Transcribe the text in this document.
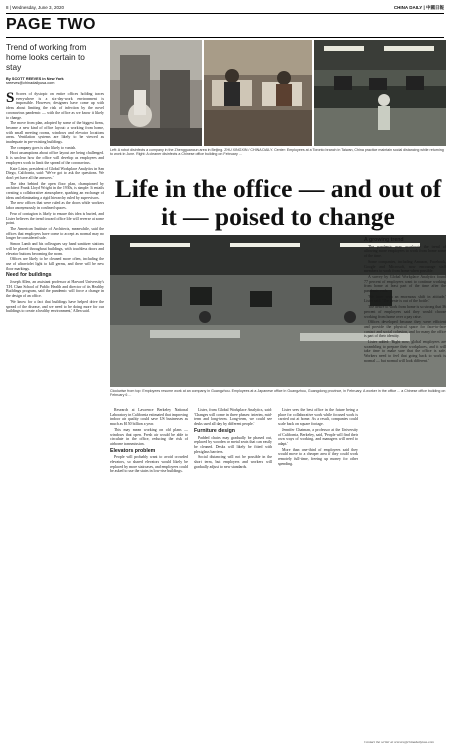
8 | Wednesday, June 3, 2020	CHINA DAILY | 中國日報
PAGE TWO
Trend of working from home looks certain to stay
By SCOTT REEVES in New York
sreeves@chinadailyusa.com
Left: A robot disinfects a company in the Zhengguancun area in Beijing. ZHU XINGXIN / CHINA DAILY. Center: Employees at a Toronto branch in Taiwan, China practice maintain social distancing while returning to work in June. Right: A cleaner disinfects a Chinese office building on February ...
Life in the office — and out of it — poised to change
Clockwise from top: Employees resume work at an company in Guangzhou. Employees at a Japanese office in Guangzhou, Guangdong province, in February. A worker in the office ... a Chinese office building on February 6 ...

S Scores of dystopic on entire offices holding traces everywhere is a six-day-work environment is impossible. However, designers have come up with ideas about limiting the risk of infection by the novel coronavirus pandemic — with the office as we know it likely to change.

The move from plan, adopted by some of the biggest firms, became a new kind of office layout: a working from home, with small meeting rooms, windows and elevator locations areas. Ventilation systems are likely to be viewed as inadequate in pre-existing buildings.

The company goes is also likely to vanish.

Hoot assumptions about office layout are being challenged. It is unclear how the office will develop as employees and employers work to limit the spread of the coronavirus.

Kate Lister, president of Global Workplace Analytics in San Diego, California, said: 'We've got to ask the questions. We don't yet have all the answers.'

The idea behind the open floor plan, championed by architect Frank Lloyd Wright in the 1930s, is simple: It entails creating a collaborative atmosphere, sparking an exchange of ideas and eliminating a rigid hierarchy ruled by supervisors.

The new offices that were ruled as the doors while workers labor anonymously in confined spaces.

Fear of contagion is likely to ensure this idea is buried, and Lister believes the trend toward office life will reverse at some point.

The American Institute of Architects, meanwhile, said the offices that employers have come to accept as normal may no longer be considered safe.

Simon Lamb and his colleagues say hand sanitizer stations will be placed throughout buildings, with touchless doors and elevator buttons becoming the norm.

Offices are likely to be cleaned more often, including the use of ultraviolet light to kill germs, and there will be new floor markings.

Need for buildings

Joseph Allen, an assistant professor at Harvard University's T.H. Chan School of Public Health and director of its Healthy Buildings program, said the pandemic will force a change in the design of an office.

'We know for a fact that buildings have helped drive the spread of the disease, and we need to be doing more for our buildings to create a healthy environment,' Allen said.

Research at Lawrence Berkeley National Laboratory in California estimated that improving indoor air quality could save US businesses as much as $150 billion a year.

This may mean working on old plans — windows that open. Fresh air would be able to circulate in the office, reducing the risk of airborne transmission.

Elevators problem

People will probably want to avoid crowded elevators, so shared elevators would likely be replaced by more staircases, and employees could be asked to use the stairs in low-rise buildings.

Lister, from Global Workplace Analytics, said: 'Changes will come in three phases: interim, mid-term and long-term. Long-term, we could see desks used all day by different people.'

Furniture design

Padded chairs may gradually be phased out, replaced by wooden or metal seats that can easily be cleaned. Desks will likely be fitted with plexiglass barriers.

Social distancing will not be possible in the short term, but employers and workers will gradually adjust to new standards.

Lister sees the best office in the future being a place for collaborative work while focused work is carried out at home. As a result, companies could scale back on square footage.

Jennifer Chatman, a professor at the University of California, Berkeley, said, 'People will find their own ways of working, and managers will need to adapt.'

More than one-third of employees said they would move to a cheaper area if they could work remotely full-time, freeing up money for other spending.

A growing trend

The pandemic may accelerate the trend of allowing more employees to work from home some of the time.

Some companies, including Amazon, Facebook, Google and Microsoft, now encourage staff members to work from home when possible.

A survey by Global Workplace Analytics found 77 percent of employees want to continue working from home at least part of the time after the pandemic ends.

'We have seen an enormous shift in attitude,' Lister said. 'The genie is out of the bottle.'

The desire to work from home is so strong that 36 percent of employees said they would choose working from home over a pay raise.

Offices developed because they were efficient and provide the physical space for face-to-face contact and social cohesion, and for many the office is part of their identity.

Lister added: 'Right now, global employees are scrambling to prepare their workplaces, and it will take time to make sure that the office is safe. Workers need to feel that going back to work is normal — but normal will look different.'

Contact the writer at sreeves@chinadailyusa.com
